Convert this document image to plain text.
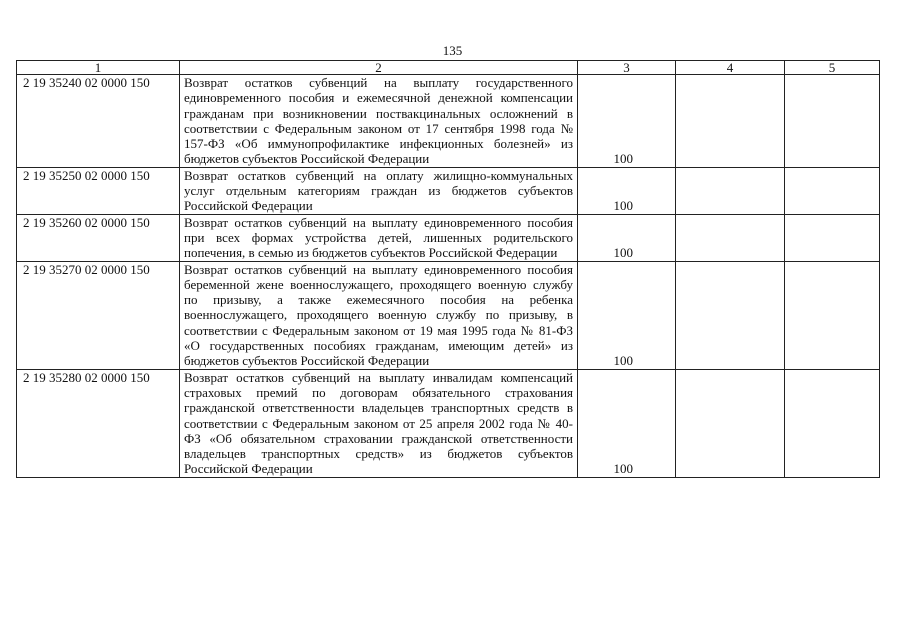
135
1	2	3	4	5
2 19 35240 02 0000 150	Возврат остатков субвенций на выплату государственного единовременного пособия и ежемесячной денежной компенсации гражданам при возникновении поствакцинальных осложнений в соответствии с Федеральным законом от 17 сентября 1998 года № 157-ФЗ «Об иммунопрофилактике инфекционных болезней» из бюджетов субъектов Российской Федерации	100		
2 19 35250 02 0000 150	Возврат остатков субвенций на оплату жилищно-коммунальных услуг отдельным категориям граждан из бюджетов субъектов Российской Федерации	100		
2 19 35260 02 0000 150	Возврат остатков субвенций на выплату единовременного пособия при всех формах устройства детей, лишенных родительского попечения, в семью из бюджетов субъектов Российской Федерации	100		
2 19 35270 02 0000 150	Возврат остатков субвенций на выплату единовременного пособия беременной жене военнослужащего, проходящего военную службу по призыву, а также ежемесячного пособия на ребенка военнослужащего, проходящего военную службу по призыву, в соответствии с Федеральным законом от 19 мая 1995 года № 81-ФЗ «О государственных пособиях гражданам, имеющим детей» из бюджетов субъектов Российской Федерации	100		
2 19 35280 02 0000 150	Возврат остатков субвенций на выплату инвалидам компенсаций страховых премий по договорам обязательного страхования гражданской ответственности владельцев транспортных средств в соответствии с Федеральным законом от 25 апреля 2002 года № 40-ФЗ «Об обязательном страховании гражданской ответственности владельцев транспортных средств» из бюджетов субъектов Российской Федерации	100		
